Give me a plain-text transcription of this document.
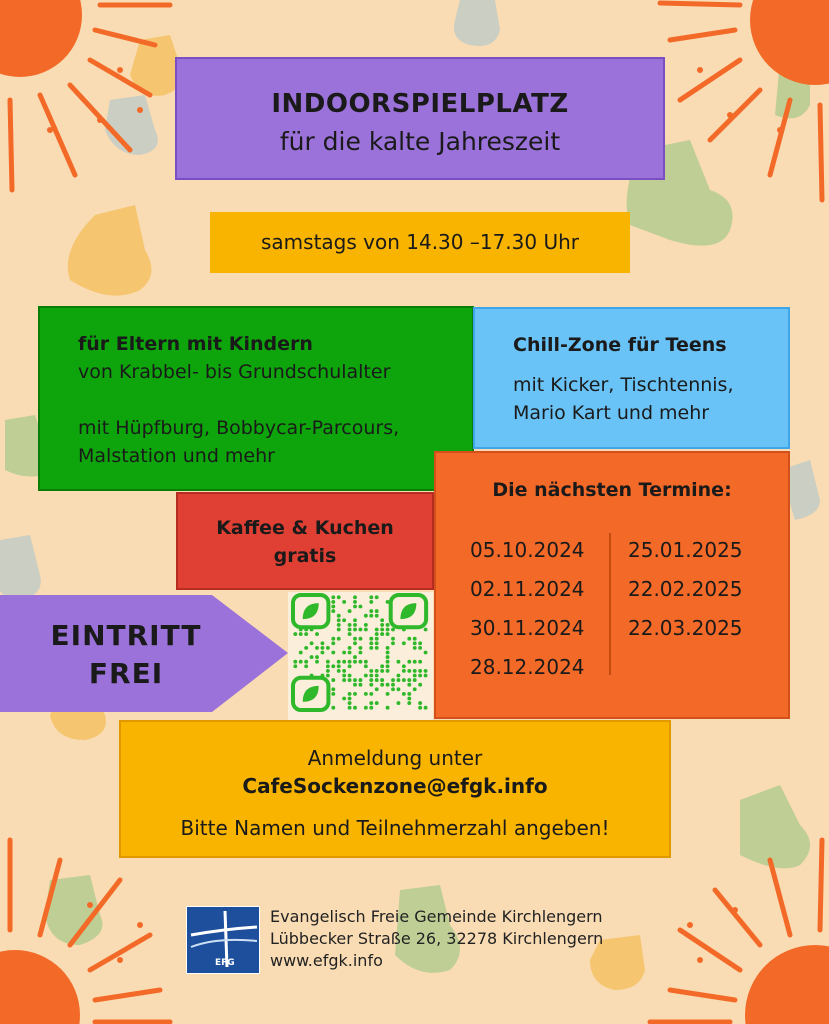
INDOORSPIELPLATZ
für die kalte Jahreszeit
samstags von 14.30 –17.30 Uhr
für Eltern mit Kindern
von Krabbel- bis Grundschulalter
mit Hüpfburg, Bobbycar-Parcours,
Malstation und mehr
Chill-Zone für Teens
mit Kicker, Tischtennis,
Mario Kart und mehr
Die nächsten Termine:
05.10.2024
02.11.2024
30.11.2024
28.12.2024
25.01.2025
22.02.2025
22.03.2025
Kaffee & Kuchen
gratis
EINTRITT
FREI
Anmeldung unter
CafeSockenzone@efgk.info
Bitte Namen und Teilnehmerzahl angeben!
EFG
Evangelisch Freie Gemeinde Kirchlengern
Lübbecker Straße 26, 32278 Kirchlengern
www.efgk.info
